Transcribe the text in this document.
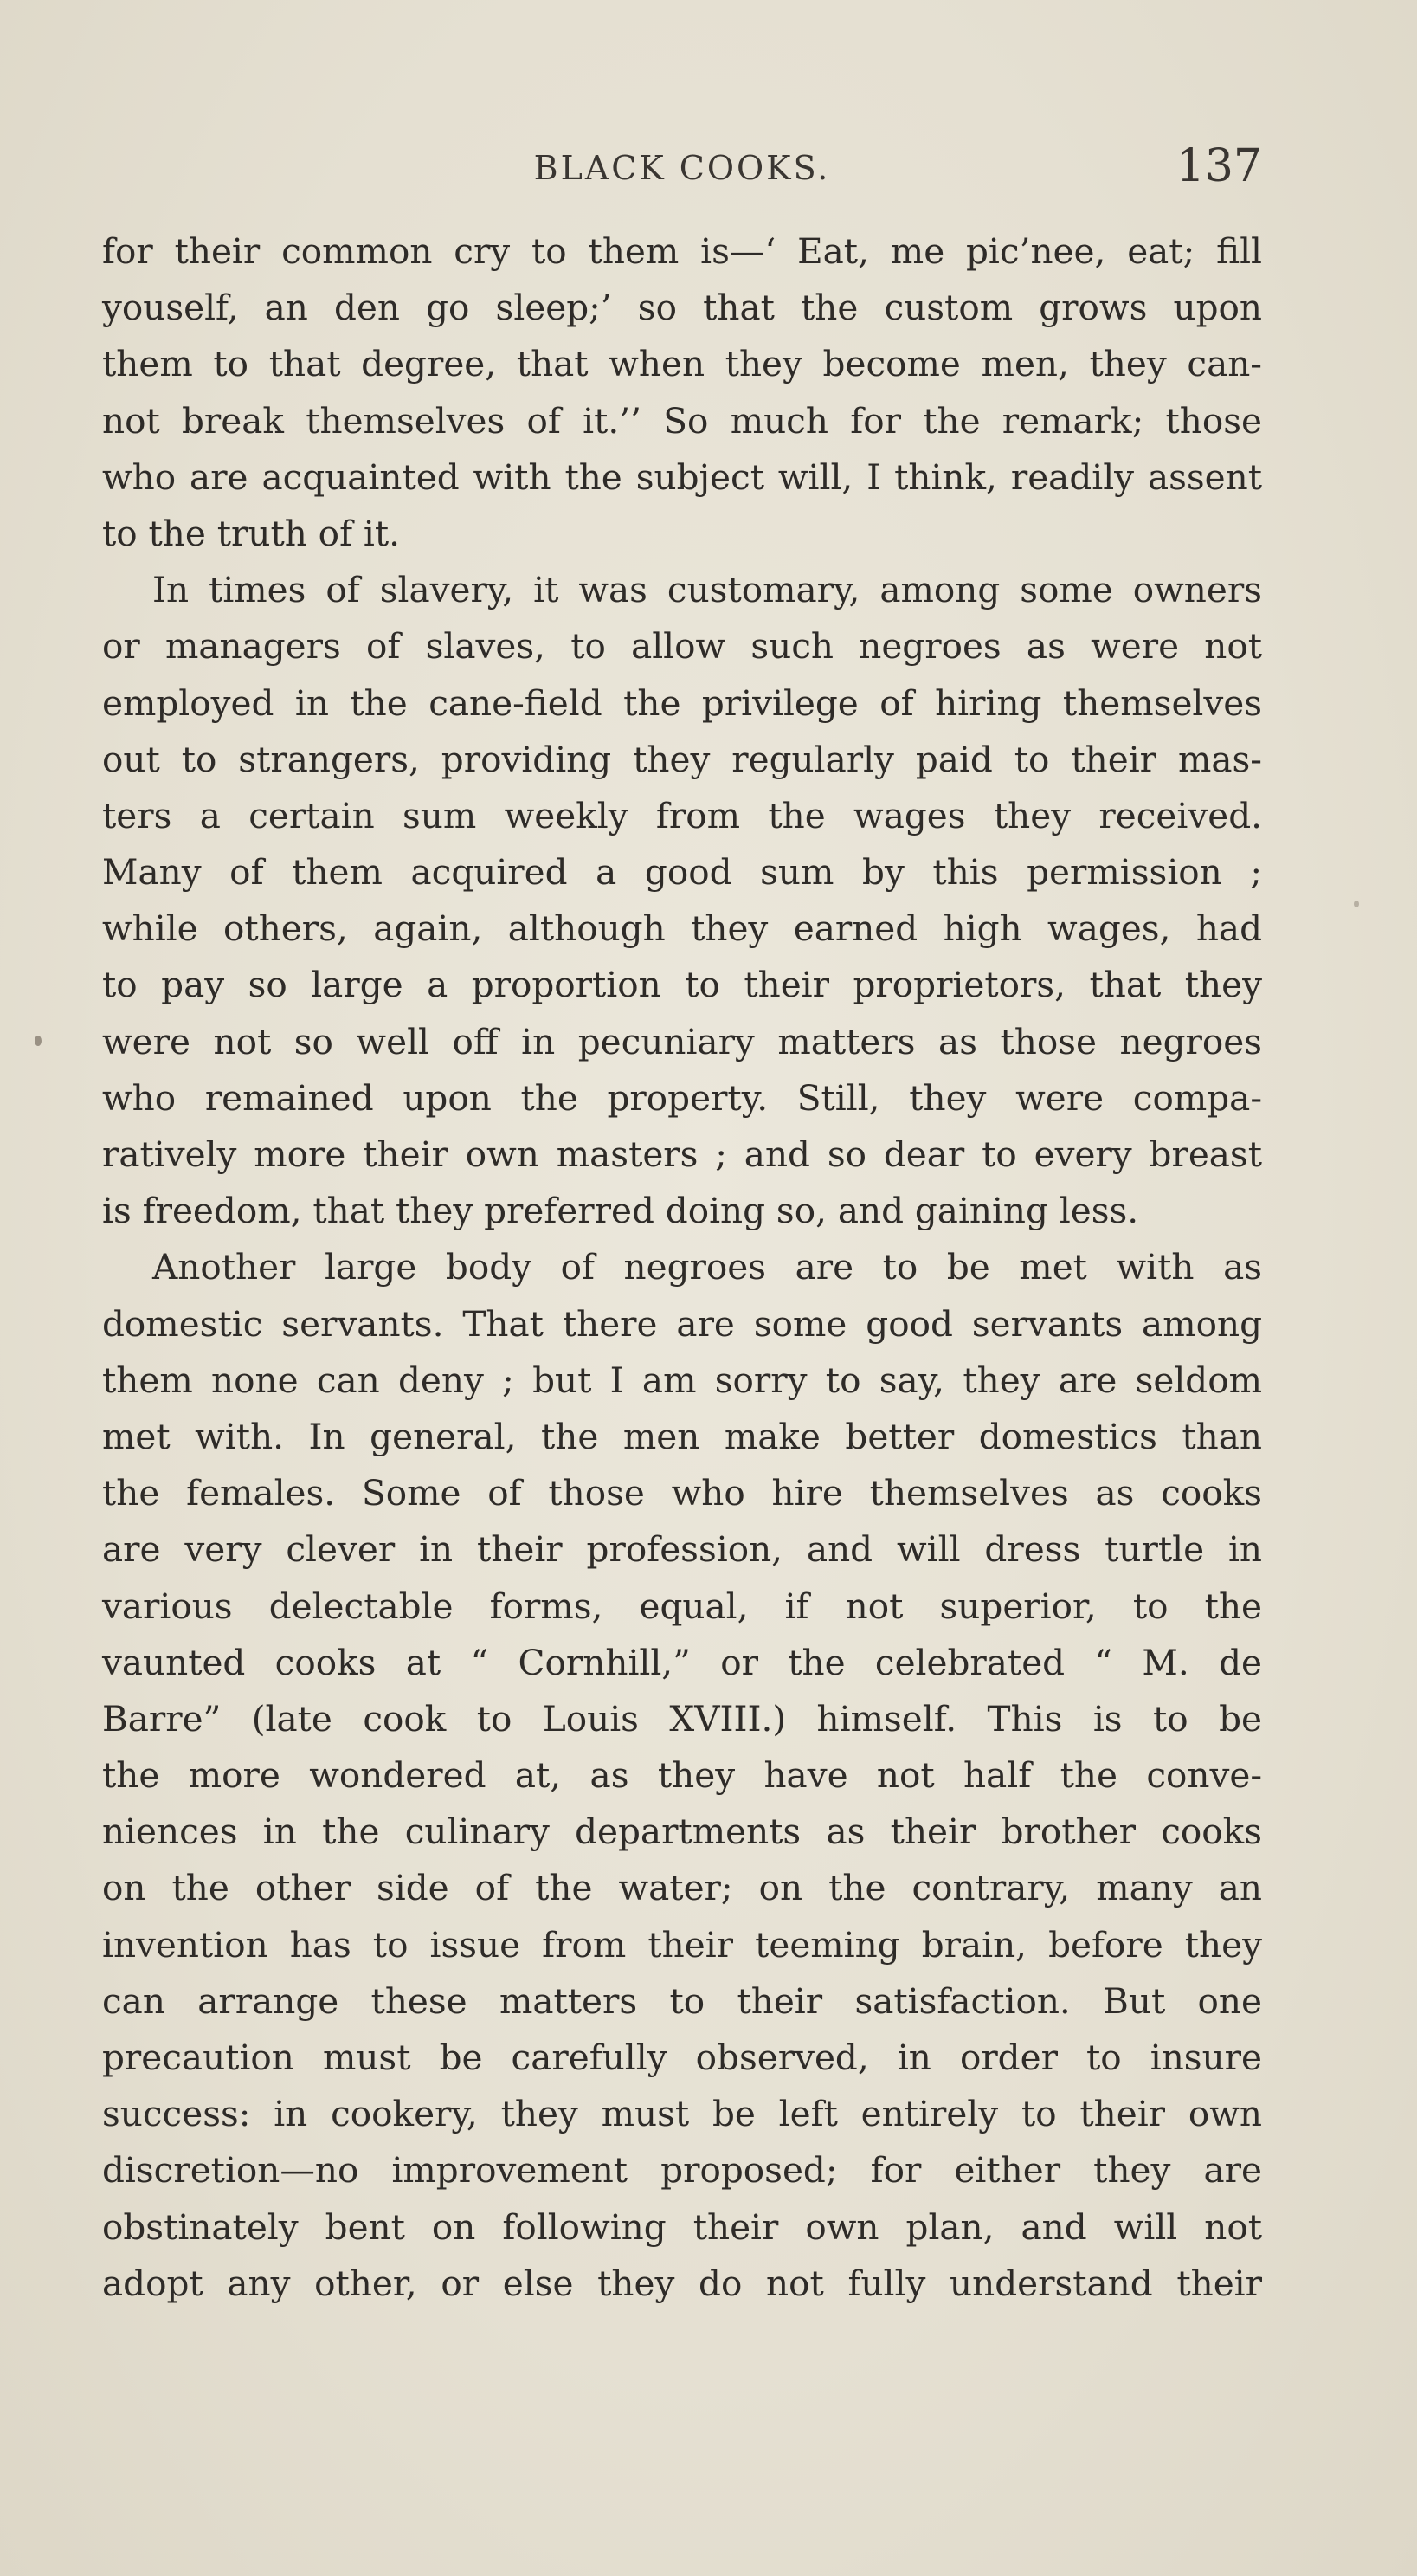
BLACK COOKS.	137
for their common cry to them is—‘ Eat, me pic’nee, eat; fill
youself, an den go sleep;’ so that the custom grows upon
them to that degree, that when they become men, they can-
not break themselves of it.’’ So much for the remark; those
who are acquainted with the subject will, I think, readily assent
to the truth of it.
In times of slavery, it was customary, among some owners
or managers of slaves, to allow such negroes as were not
employed in the cane-field the privilege of hiring themselves
out to strangers, providing they regularly paid to their mas-
ters a certain sum weekly from the wages they received.
Many of them acquired a good sum by this permission ;
while others, again, although they earned high wages, had
to pay so large a proportion to their proprietors, that they
were not so well off in pecuniary matters as those negroes
who remained upon the property. Still, they were compa-
ratively more their own masters ; and so dear to every breast
is freedom, that they preferred doing so, and gaining less.
Another large body of negroes are to be met with as
domestic servants. That there are some good servants among
them none can deny ; but I am sorry to say, they are seldom
met with. In general, the men make better domestics than
the females. Some of those who hire themselves as cooks
are very clever in their profession, and will dress turtle in
various delectable forms, equal, if not superior, to the
vaunted cooks at “ Cornhill,” or the celebrated “ M. de
Barre” (late cook to Louis XVIII.) himself. This is to be
the more wondered at, as they have not half the conve-
niences in the culinary departments as their brother cooks
on the other side of the water; on the contrary, many an
invention has to issue from their teeming brain, before they
can arrange these matters to their satisfaction. But one
precaution must be carefully observed, in order to insure
success: in cookery, they must be left entirely to their own
discretion—no improvement proposed; for either they are
obstinately bent on following their own plan, and will not
adopt any other, or else they do not fully understand their
